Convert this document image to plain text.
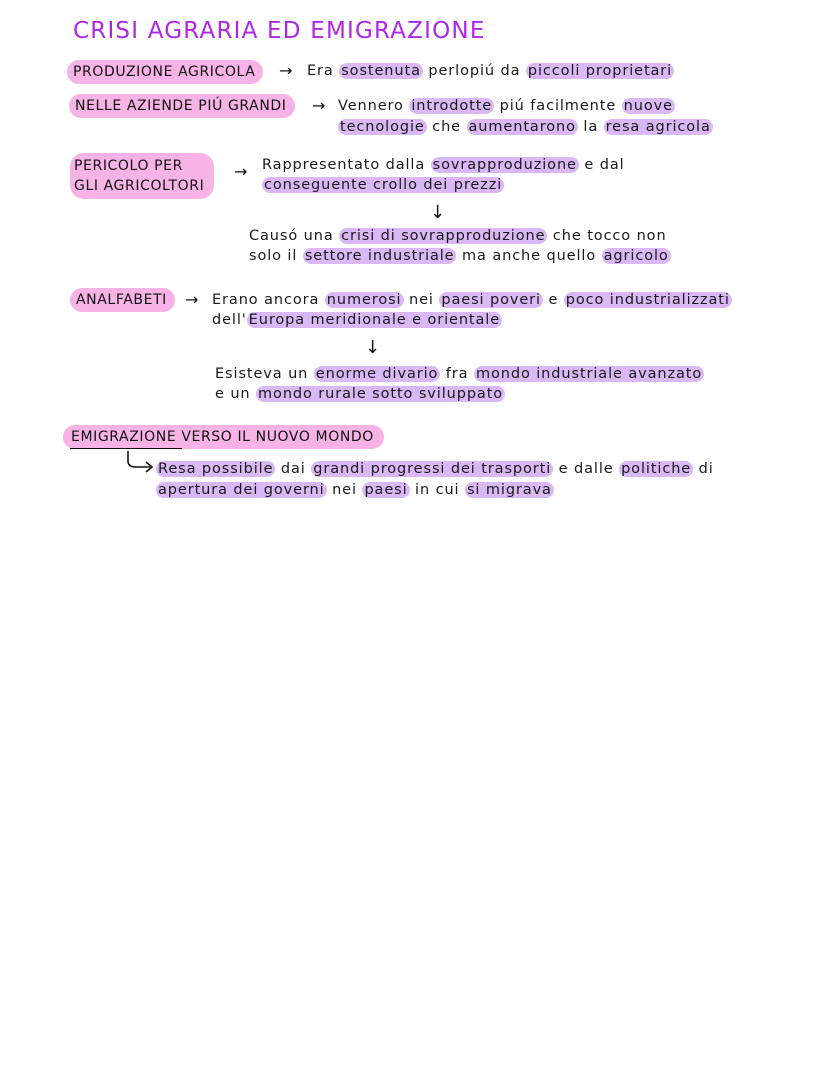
CRISI AGRARIA ED EMIGRAZIONE
PRODUZIONE AGRICOLA	→ Era sostenuta perlopiú da piccoli proprietari
NELLE AZIENDE PIÚ GRANDI	→ Vennero introdotte piú facilmente nuove
tecnologie che aumentarono la resa agricola
PERICOLO PER
GLI AGRICOLTORI
→ Rappresentato dalla sovrapproduzione e dal
conseguente crollo dei prezzi
↓
Causó una crisi di sovrapproduzione che tocco non
solo il settore industriale ma anche quello agricolo
ANALFABETI	→ Erano ancora numerosi nei paesi poveri e poco industrializzati
dell' Europa meridionale e orientale
↓
Esisteva un enorme divario fra mondo industriale avanzato
e un mondo rurale sotto sviluppato
EMIGRAZIONE VERSO IL NUOVO MONDO
Resa possibile dai grandi progressi dei trasporti e dalle politiche di
apertura dei governi nei paesi in cui si migrava
